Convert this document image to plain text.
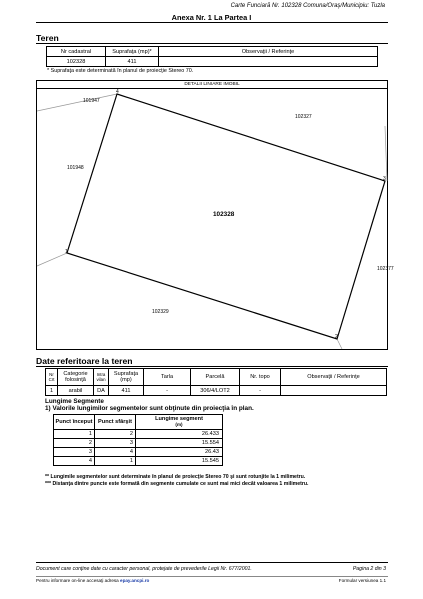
Carte Funciară Nr. 102328 Comuna/Oraş/Municipiu: Tuzla
Anexa Nr. 1 La Partea I
Teren
Nr cadastral	Suprafaţa (mp)*	Observaţii / Referinţe
102328	411	
* Suprafaţa este determinată în planul de proiecţie Stereo 70.
DETALII LINIARE IMOBIL
101947
102327
101948
102377
102329
102328
4
3
1
2
Date referitoare la teren
Nr Crt	Categorie folosinţă	Intra vilan	Suprafaţa (mp)	Tarla	Parcelă	Nr. topo	Observaţii / Referinţe
1	arabil	DA	411	-	306/4/LOT2	-	
Lungime Segmente
1) Valorile lungimilor segmentelor sunt obţinute din proiecţia în plan.
Punct început	Punct sfârşit	Lungime segment
(m)
1	2	26.433
2	3	15.554
3	4	26.43
4	1	15.545
** Lungimile segmentelor sunt determinate în planul de proiecţie Stereo 70 şi sunt rotunjite la 1 milimetru.
*** Distanţa dintre puncte este formată din segmente cumulate ce sunt mai mici decât valoarea 1 milimetru.
Document care conţine date cu caracter personal, protejate de prevederile Legii Nr. 677/2001.	Pagina 2 din 3
Pentru informare on-line accesaţi adresa epay.ancpi.ro	Formular versiunea 1.1
